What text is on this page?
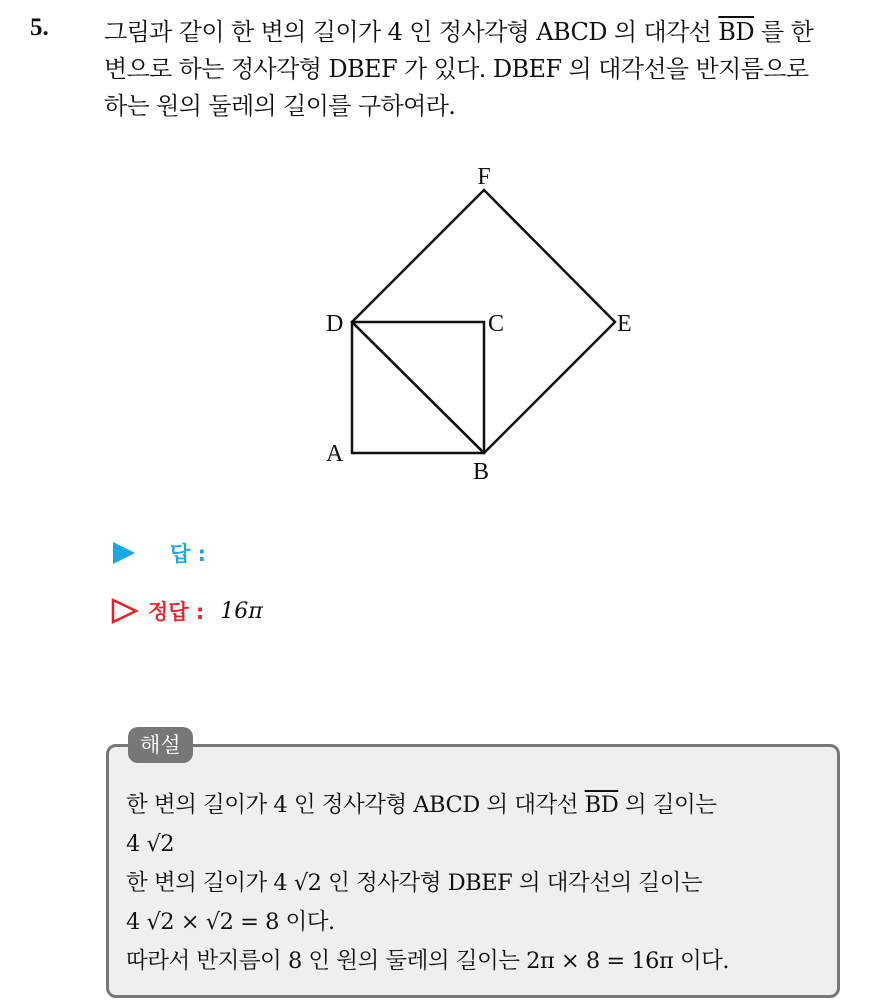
5. 그림과 같이 한 변의 길이가 4 인 정사각형 ABCD 의 대각선 $\overline{BD}$ 를 한
변으로 하는 정사각형 DBEF 가 있다. DBEF 의 대각선을 반지름으로
하는 원의 둘레의 길이를 구하여라.
F
D	C	E
A
B
답 :
정답 : 16π
해설
한 변의 길이가 4 인 정사각형 ABCD 의 대각선 $\overline{BD}$ 의 길이는
4 √2
한 변의 길이가 4 √2 인 정사각형 DBEF 의 대각선의 길이는
4 √2 × √2 = 8 이다.
따라서 반지름이 8 인 원의 둘레의 길이는 2π × 8 = 16π 이다.
